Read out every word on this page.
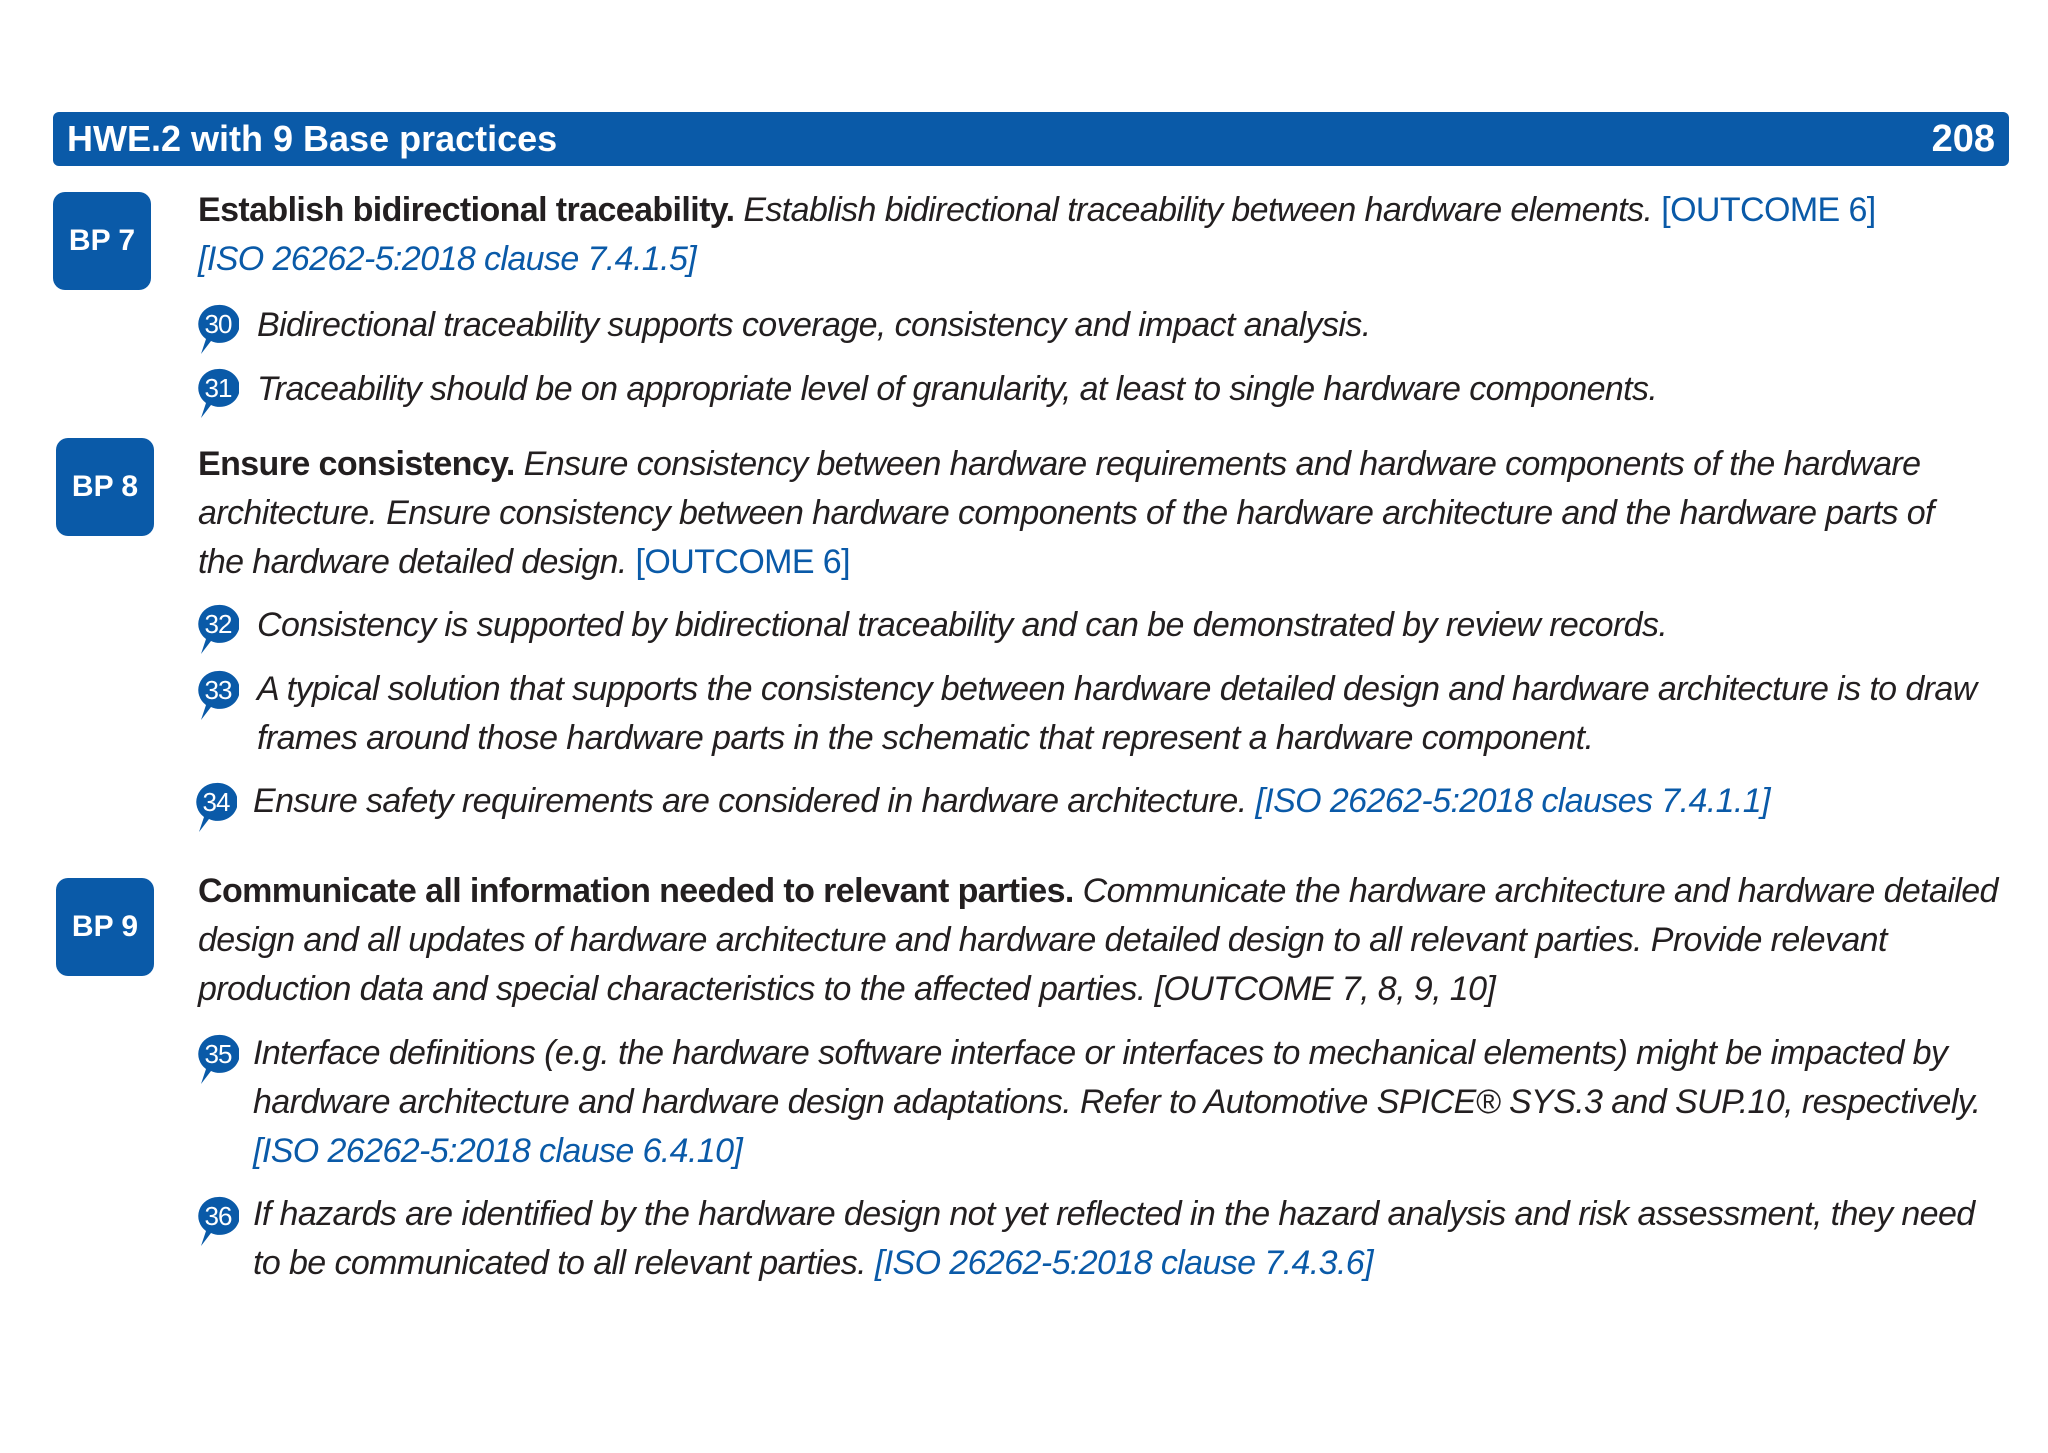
HWE.2 with 9 Base practices	208
BP 7
Establish bidirectional traceability. Establish bidirectional traceability between hardware elements. [OUTCOME 6]
[ISO 26262-5:2018 clause 7.4.1.5]
30 Bidirectional traceability supports coverage, consistency and impact analysis.
31 Traceability should be on appropriate level of granularity, at least to single hardware components.
BP 8
Ensure consistency. Ensure consistency between hardware requirements and hardware components of the hardware architecture. Ensure consistency between hardware components of the hardware architecture and the hardware parts of the hardware detailed design. [OUTCOME 6]
32 Consistency is supported by bidirectional traceability and can be demonstrated by review records.
33 A typical solution that supports the consistency between hardware detailed design and hardware architecture is to draw frames around those hardware parts in the schematic that represent a hardware component.
34 Ensure safety requirements are considered in hardware architecture. [ISO 26262-5:2018 clauses 7.4.1.1]
BP 9
Communicate all information needed to relevant parties. Communicate the hardware architecture and hardware detailed design and all updates of hardware architecture and hardware detailed design to all relevant parties. Provide relevant production data and special characteristics to the affected parties. [OUTCOME 7, 8, 9, 10]
35 Interface definitions (e.g. the hardware software interface or interfaces to mechanical elements) might be impacted by hardware architecture and hardware design adaptations. Refer to Automotive SPICE® SYS.3 and SUP.10, respectively. [ISO 26262-5:2018 clause 6.4.10]
36 If hazards are identified by the hardware design not yet reflected in the hazard analysis and risk assessment, they need to be communicated to all relevant parties. [ISO 26262-5:2018 clause 7.4.3.6]
